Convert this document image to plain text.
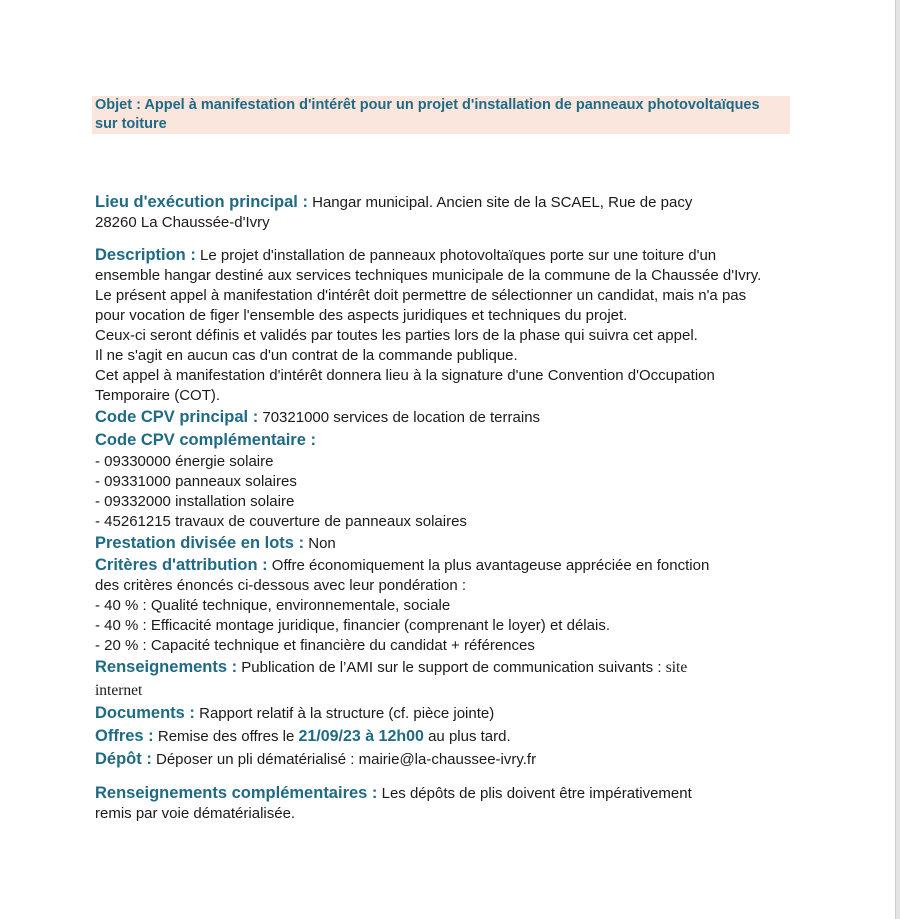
Objet : Appel à manifestation d'intérêt pour un projet d'installation de panneaux photovoltaïques sur toiture
Lieu d'exécution principal : Hangar municipal. Ancien site de la SCAEL, Rue de pacy
28260 La Chaussée-d'Ivry

Description : Le projet d'installation de panneaux photovoltaïques porte sur une toiture d'un ensemble hangar destiné aux services techniques municipale de la commune de la Chaussée d'Ivry.

Le présent appel à manifestation d'intérêt doit permettre de sélectionner un candidat, mais n'a pas pour vocation de figer l'ensemble des aspects juridiques et techniques du projet.

Ceux-ci seront définis et validés par toutes les parties lors de la phase qui suivra cet appel.

Il ne s'agit en aucun cas d'un contrat de la commande publique.

Cet appel à manifestation d'intérêt donnera lieu à la signature d'une Convention d'Occupation Temporaire (COT).

Code CPV principal : 70321000 services de location de terrains
Code CPV complémentaire :

- 09330000 énergie solaire

- 09331000 panneaux solaires

- 09332000 installation solaire

- 45261215 travaux de couverture de panneaux solaires

Prestation divisée en lots : Non

Critères d'attribution : Offre économiquement la plus avantageuse appréciée en fonction
des critères énoncés ci-dessous avec leur pondération :

- 40 % : Qualité technique, environnementale, sociale

- 40 % : Efficacité montage juridique, financier (comprenant le loyer) et délais.

- 20 % : Capacité technique et financière du candidat + références

Renseignements : Publication de l’AMI sur le support de communication suivants : site
internet
Documents : Rapport relatif à la structure (cf. pièce jointe)
Offres : Remise des offres le 21/09/23 à 12h00 au plus tard.
Dépôt : Déposer un pli dématérialisé : mairie@la-chaussee-ivry.fr
Renseignements complémentaires : Les dépôts de plis doivent être impérativement
remis par voie dématérialisée.
